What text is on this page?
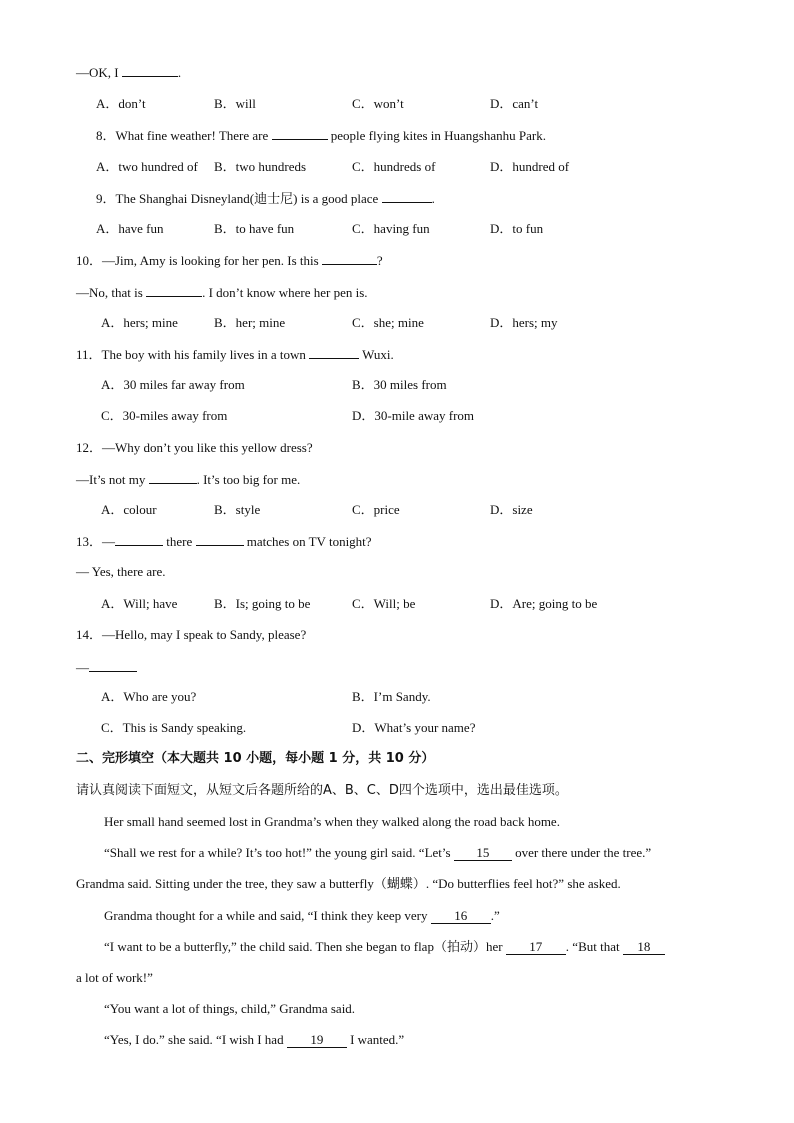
—OK, I	.
A．don’t	B．will	C．won’t	D．can’t
8．What fine weather! There are	people flying kites in Huangshanhu Park.
A．two hundred of B．two hundreds	C．hundreds of	D．hundred of
9．The Shanghai Disneyland(迪士尼) is a good place	.
A．have fun	B．to have fun	C．having fun	D．to fun
10．—Jim, Amy is looking for her pen. Is this	?
—No, that is	. I don’t know where her pen is.
A．hers; mine	B．her; mine	C．she; mine	D．hers; my
11．The boy with his family lives in a town	Wuxi.
A．30 miles far away from	B．30 miles from
C．30-miles away from	D．30-mile away from
12．—Why don’t you like this yellow dress?
—It’s not my	. It’s too big for me.
A．colour	B．style	C．price	D．size
13．—	there	matches on TV tonight?
— Yes, there are.
A．Will; have	B．Is; going to be	C．Will; be	D．Are; going to be
14．—Hello, may I speak to Sandy, please?
—
A．Who are you?	B．I’m Sandy.
C．This is Sandy speaking.	D．What’s your name?
二、完形填空（本大题共 10 小题，每小题 1 分，共 10 分）
请认真阅读下面短文，从短文后各题所给的A、B、C、D四个选项中，选出最佳选项。
Her small hand seemed lost in Grandma’s when they walked along the road back home.
“Shall we rest for a while? It’s too hot!” the young girl said. “Let’s 15 over there under the tree.”
Grandma said. Sitting under the tree, they saw a butterfly（蝴蝶）. “Do butterflies feel hot?” she asked.
Grandma thought for a while and said, “I think they keep very 16 .”
“I want to be a butterfly,” the child said. Then she began to flap（拍动）her 17 . “But that 18
a lot of work!”
“You want a lot of things, child,” Grandma said.
“Yes, I do.” she said. “I wish I had 19 I wanted.”
